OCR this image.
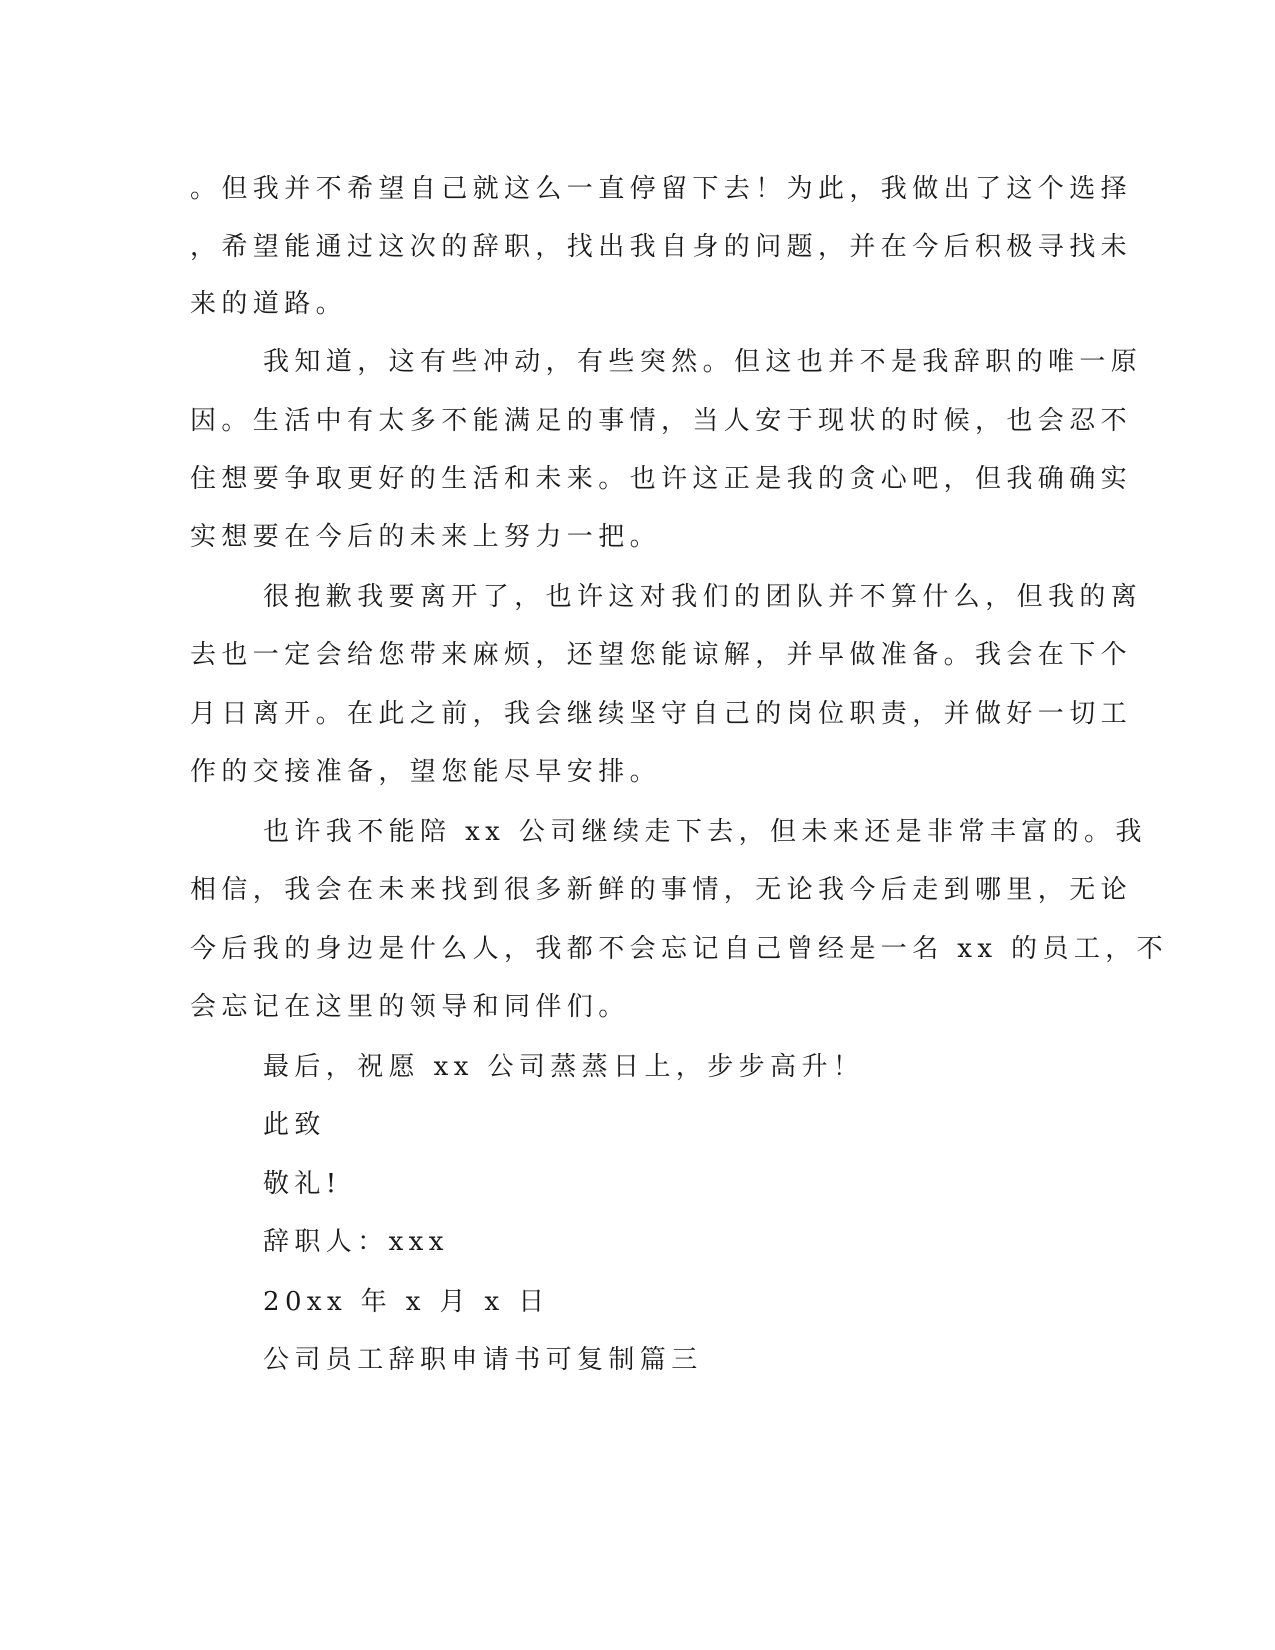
。但我并不希望自己就这么一直停留下去！为此，我做出了这个选择
，希望能通过这次的辞职，找出我自身的问题，并在今后积极寻找未
来的道路。
我知道，这有些冲动，有些突然。但这也并不是我辞职的唯一原
因。生活中有太多不能满足的事情，当人安于现状的时候，也会忍不
住想要争取更好的生活和未来。也许这正是我的贪心吧，但我确确实
实想要在今后的未来上努力一把。
很抱歉我要离开了，也许这对我们的团队并不算什么，但我的离
去也一定会给您带来麻烦，还望您能谅解，并早做准备。我会在下个
月日离开。在此之前，我会继续坚守自己的岗位职责，并做好一切工
作的交接准备，望您能尽早安排。
也许我不能陪 xx 公司继续走下去，但未来还是非常丰富的。我
相信，我会在未来找到很多新鲜的事情，无论我今后走到哪里，无论
今后我的身边是什么人，我都不会忘记自己曾经是一名 xx 的员工，不
会忘记在这里的领导和同伴们。
最后，祝愿 xx 公司蒸蒸日上，步步高升！
此致
敬礼!
辞职人：xxx
20xx 年 x 月 x 日
公司员工辞职申请书可复制篇三
